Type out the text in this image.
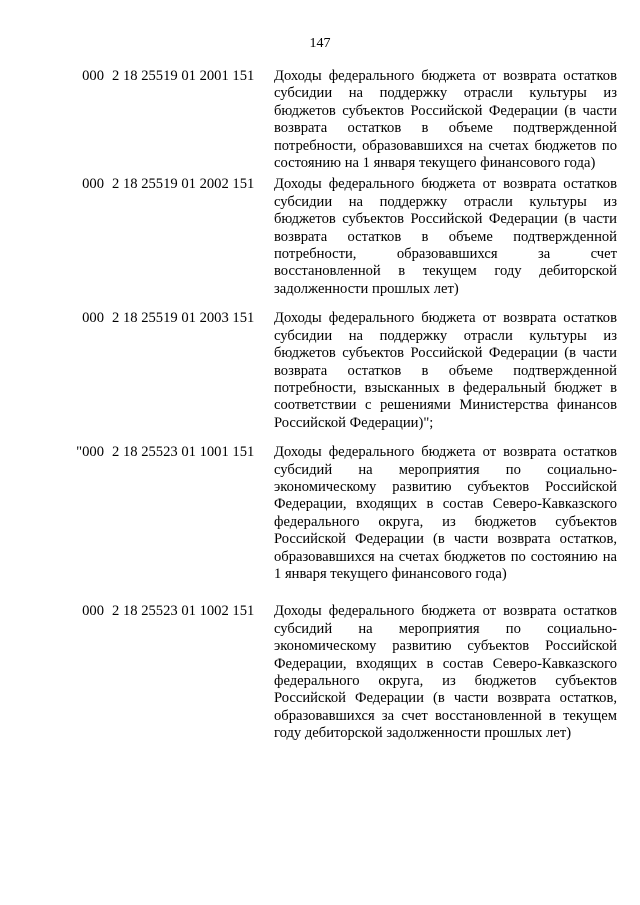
147
000 2 18 25519 01 2001 151 Доходы федерального бюджета от возврата остатков субсидии на поддержку отрасли культуры из бюджетов субъектов Российской Федерации (в части возврата остатков в объеме подтвержденной потребности, образовавшихся на счетах бюджетов по состоянию на 1 января текущего финансового года)
000 2 18 25519 01 2002 151 Доходы федерального бюджета от возврата остатков субсидии на поддержку отрасли культуры из бюджетов субъектов Российской Федерации (в части возврата остатков в объеме подтвержденной потребности, образовавшихся за счет восстановленной в текущем году дебиторской задолженности прошлых лет)
000 2 18 25519 01 2003 151 Доходы федерального бюджета от возврата остатков субсидии на поддержку отрасли культуры из бюджетов субъектов Российской Федерации (в части возврата остатков в объеме подтвержденной потребности, взысканных в федеральный бюджет в соответствии с решениями Министерства финансов Российской Федерации)";
"000 2 18 25523 01 1001 151 Доходы федерального бюджета от возврата остатков субсидий на мероприятия по социально-экономическому развитию субъектов Российской Федерации, входящих в состав Северо-Кавказского федерального округа, из бюджетов субъектов Российской Федерации (в части возврата остатков, образовавшихся на счетах бюджетов по состоянию на 1 января текущего финансового года)
000 2 18 25523 01 1002 151 Доходы федерального бюджета от возврата остатков субсидий на мероприятия по социально-экономическому развитию субъектов Российской Федерации, входящих в состав Северо-Кавказского федерального округа, из бюджетов субъектов Российской Федерации (в части возврата остатков, образовавшихся за счет восстановленной в текущем году дебиторской задолженности прошлых лет)
